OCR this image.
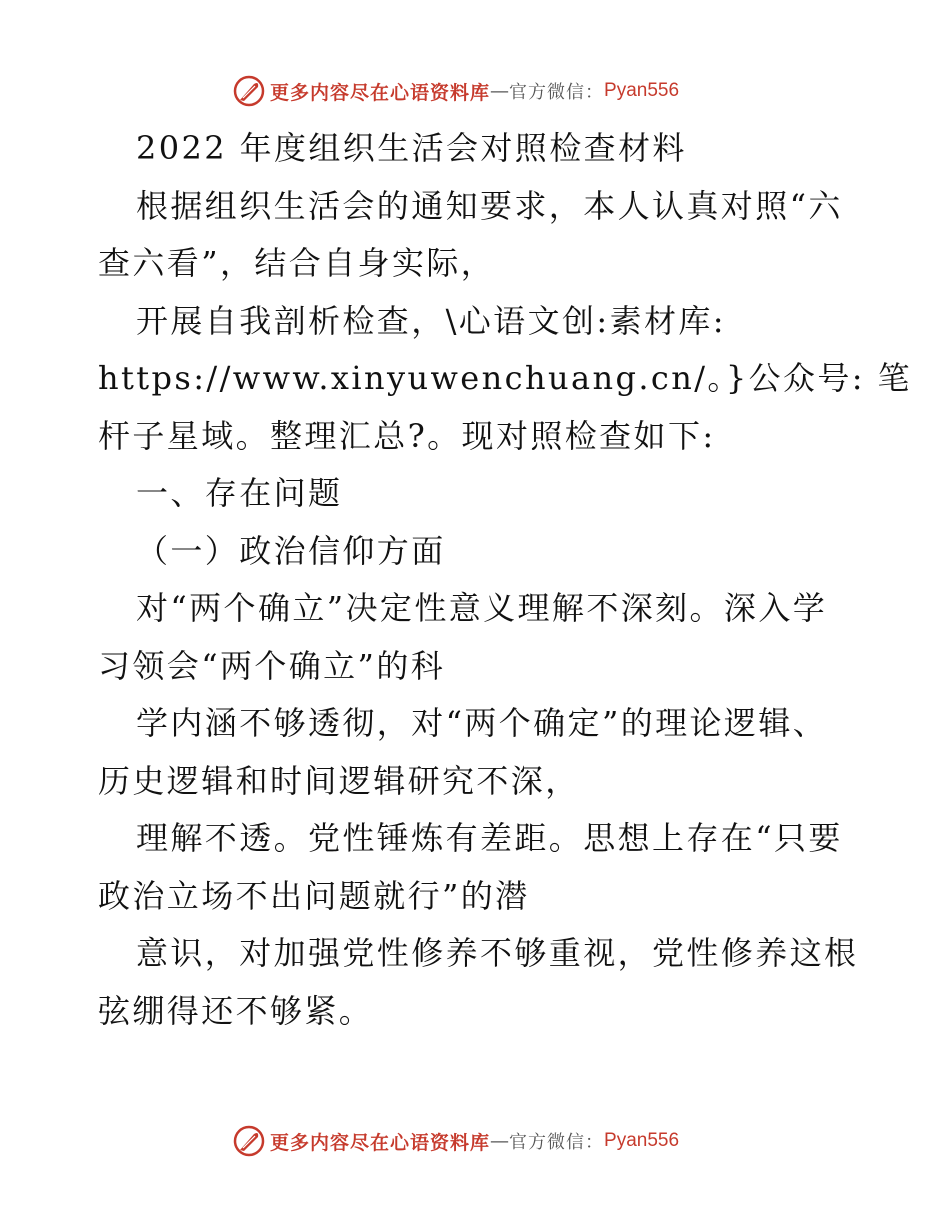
更多内容尽在心语资料库 — 官方微信： Pyan556
2022 年度组织生活会对照检查材料
根据组织生活会的通知要求，本人认真对照“六
查六看”，结合自身实际，
开展自我剖析检查，\心语文创:素材库:
https://www.xinyuwenchuang.cn/。}公众号: 笔
杆子星域。整理汇总?。现对照检查如下:
一、存在问题
（一）政治信仰方面
对“两个确立”决定性意义理解不深刻。深入学
习领会“两个确立”的科
学内涵不够透彻，对“两个确定”的理论逻辑、
历史逻辑和时间逻辑研究不深，
理解不透。党性锤炼有差距。思想上存在“只要
政治立场不出问题就行”的潜
意识，对加强党性修养不够重视，党性修养这根
弦绷得还不够紧。
更多内容尽在心语资料库 — 官方微信： Pyan556
